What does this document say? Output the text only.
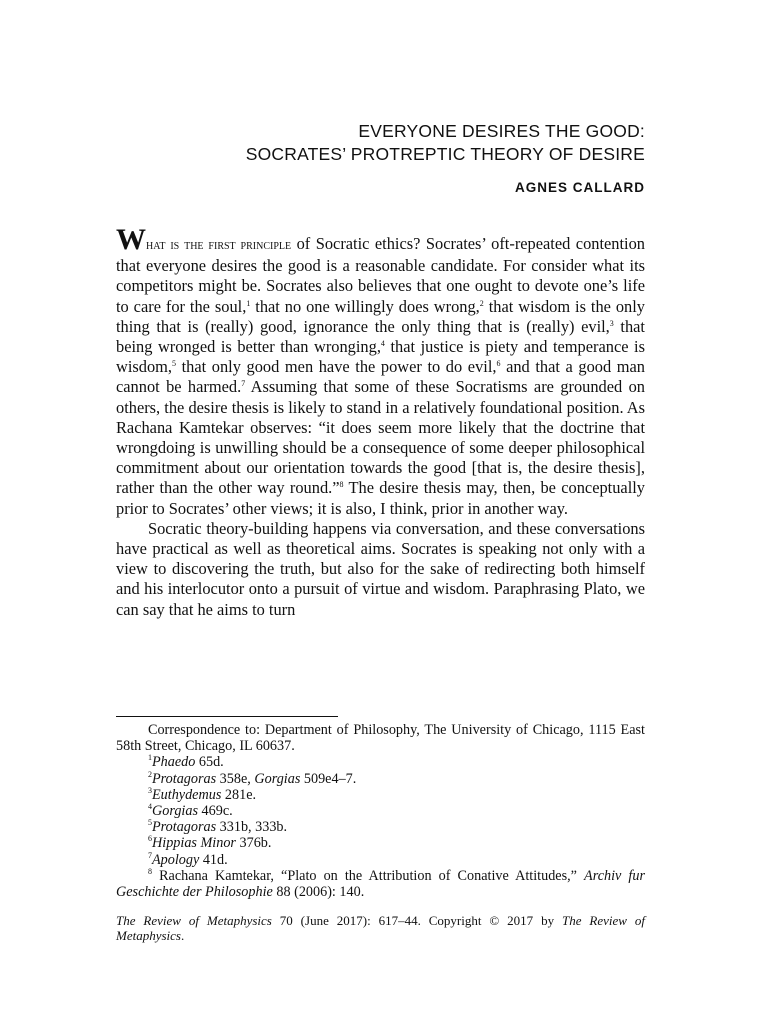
EVERYONE DESIRES THE GOOD:
SOCRATES’ PROTREPTIC THEORY OF DESIRE
AGNES CALLARD

What is the first principle of Socratic ethics? Socrates’ oft-repeated contention that everyone desires the good is a reasonable candidate. For consider what its competitors might be. Socrates also believes that one ought to devote one’s life to care for the soul,$^1$ that no one willingly does wrong,$^2$ that wisdom is the only thing that is (really) good, ignorance the only thing that is (really) evil,$^3$ that being wronged is better than wronging,$^4$ that justice is piety and temperance is wisdom,$^5$ that only good men have the power to do evil,$^6$ and that a good man cannot be harmed.$^7$ Assuming that some of these Socratisms are grounded on others, the desire thesis is likely to stand in a relatively foundational position. As Rachana Kamtekar observes: “it does seem more likely that the doctrine that wrongdoing is unwilling should be a consequence of some deeper philosophical commitment about our orientation towards the good [that is, the desire thesis], rather than the other way round.”$^8$ The desire thesis may, then, be conceptually prior to Socrates’ other views; it is also, I think, prior in another way.

Socratic theory-building happens via conversation, and these conversations have practical as well as theoretical aims. Socrates is speaking not only with a view to discovering the truth, but also for the sake of redirecting both himself and his interlocutor onto a pursuit of virtue and wisdom. Paraphrasing Plato, we can say that he aims to turn

Correspondence to: Department of Philosophy, The University of Chicago, 1115 East 58th Street, Chicago, IL 60637.
$^1$Phaedo 65d.
$^2$Protagoras 358e, Gorgias 509e4–7.
$^3$Euthydemus 281e.
$^4$Gorgias 469c.
$^5$Protagoras 331b, 333b.
$^6$Hippias Minor 376b.
$^7$Apology 41d.
$^8$ Rachana Kamtekar, “Plato on the Attribution of Conative Attitudes,” Archiv fur Geschichte der Philosophie 88 (2006): 140.
The Review of Metaphysics 70 (June 2017): 617–44. Copyright © 2017 by The Review of Metaphysics.
